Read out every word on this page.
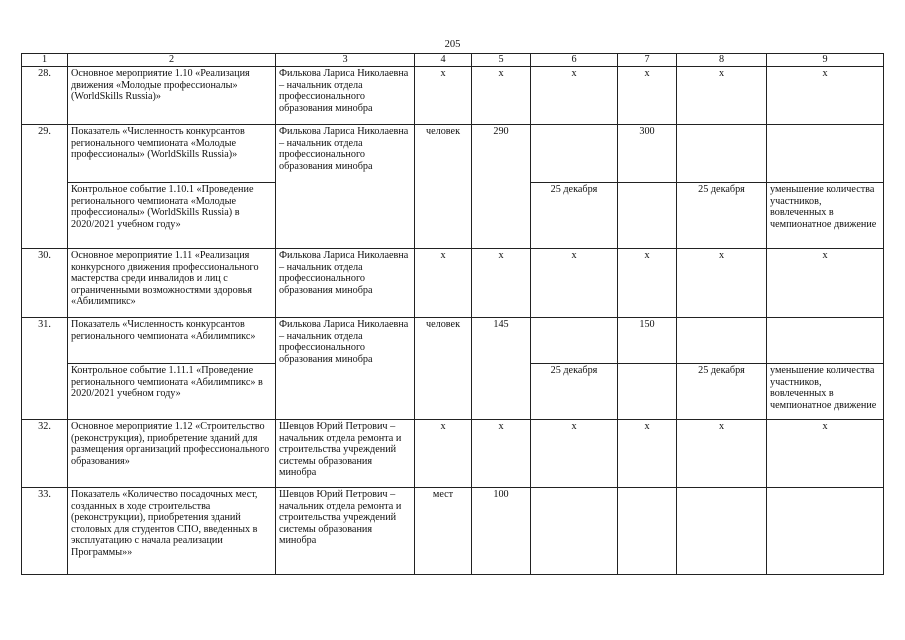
205
1	2	3	4	5	6	7	8	9
28.	Основное мероприятие 1.10 «Реализация движения «Молодые профессионалы» (WorldSkills Russia)»	Филькова Лариса Николаевна – начальник отдела профессионального образования минобра	х	х	х	х	х	х
29.	Показатель «Численность конкурсантов регионального чемпионата «Молодые профессионалы» (WorldSkills Russia)»	Филькова Лариса Николаевна – начальник отдела профессионального образования минобра	человек	290		300		
	Контрольное событие 1.10.1 «Проведение регионального чемпионата «Молодые профессионалы» (WorldSkills Russia) в 2020/2021 учебном году»				25 декабря		25 декабря	уменьшение количества участников, вовлеченных в чемпионатное движение
30.	Основное мероприятие 1.11 «Реализация конкурсного движения профессионального мастерства среди инвалидов и лиц с ограниченными возможностями здоровья «Абилимпикс»	Филькова Лариса Николаевна – начальник отдела профессионального образования минобра	х	х	х	х	х	х
31.	Показатель «Численность конкурсантов регионального чемпионата «Абилимпикс»	Филькова Лариса Николаевна – начальник отдела профессионального образования минобра	человек	145		150		
	Контрольное событие 1.11.1 «Проведение регионального чемпионата «Абилимпикс» в 2020/2021 учебном году»				25 декабря		25 декабря	уменьшение количества участников, вовлеченных в чемпионатное движение
32.	Основное мероприятие 1.12 «Строительство (реконструкция), приобретение зданий для размещения организаций профессионального образования»	Шевцов Юрий Петрович – начальник отдела ремонта и строительства учреждений системы образования минобра	х	х	х	х	х	х
33.	Показатель «Количество посадочных мест, созданных в ходе строительства (реконструкции), приобретения зданий столовых для студентов СПО, введенных в эксплуатацию с начала реализации Программы»»	Шевцов Юрий Петрович – начальник отдела ремонта и строительства учреждений системы образования минобра	мест	100				
